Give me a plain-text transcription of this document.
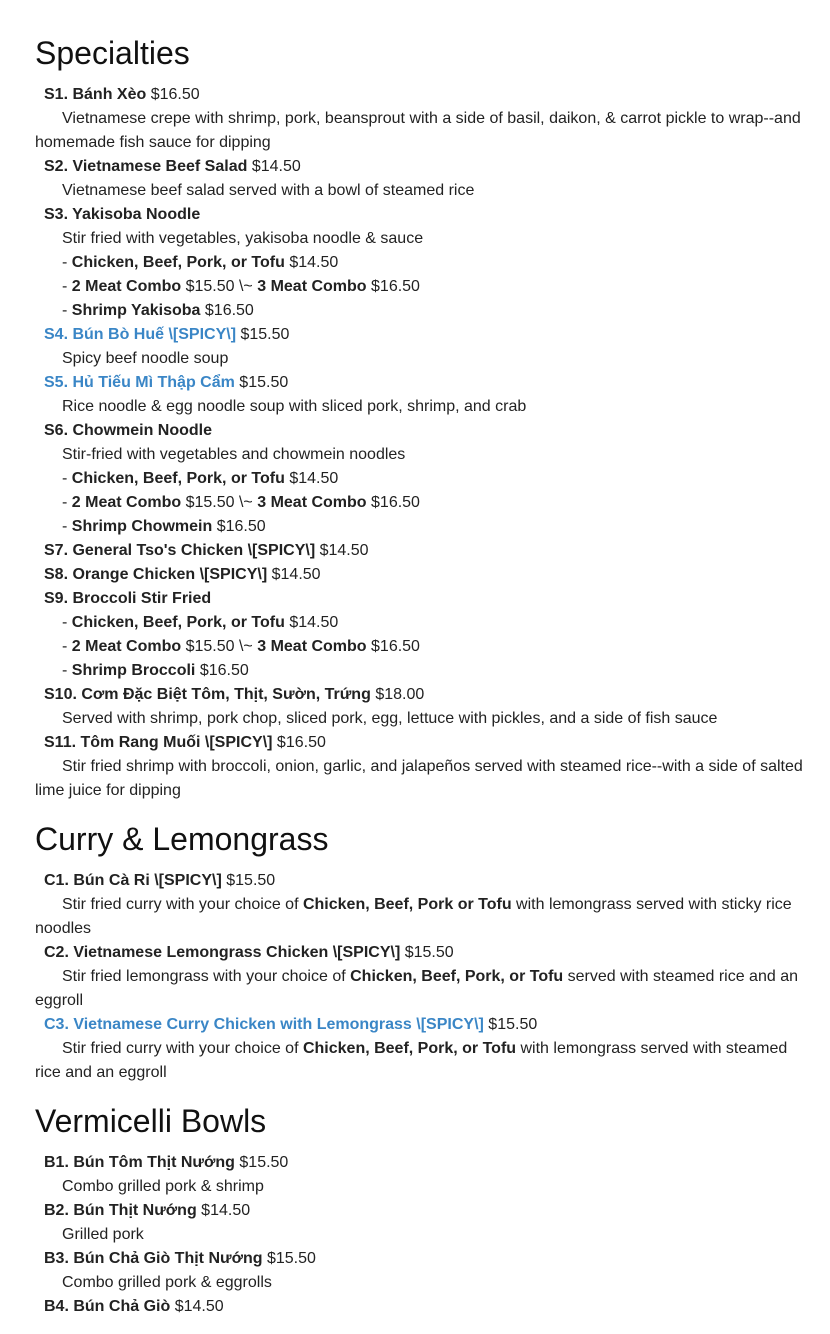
Specialties
S1. Bánh Xèo $16.50
Vietnamese crepe with shrimp, pork, beansprout with a side of basil, daikon, & carrot pickle to wrap--and homemade fish sauce for dipping
S2. Vietnamese Beef Salad $14.50
Vietnamese beef salad served with a bowl of steamed rice
S3. Yakisoba Noodle
Stir fried with vegetables, yakisoba noodle & sauce
- Chicken, Beef, Pork, or Tofu $14.50
- 2 Meat Combo $15.50 \~ 3 Meat Combo $16.50
- Shrimp Yakisoba $16.50
S4. Bún Bò Huế \[SPICY\] $15.50
Spicy beef noodle soup
S5. Hủ Tiếu Mì Thập Cẩm $15.50
Rice noodle & egg noodle soup with sliced pork, shrimp, and crab
S6. Chowmein Noodle
Stir-fried with vegetables and chowmein noodles
- Chicken, Beef, Pork, or Tofu $14.50
- 2 Meat Combo $15.50 \~ 3 Meat Combo $16.50
- Shrimp Chowmein $16.50
S7. General Tso's Chicken \[SPICY\] $14.50
S8. Orange Chicken \[SPICY\] $14.50
S9. Broccoli Stir Fried
- Chicken, Beef, Pork, or Tofu $14.50
- 2 Meat Combo $15.50 \~ 3 Meat Combo $16.50
- Shrimp Broccoli $16.50
S10. Cơm Đặc Biệt Tôm, Thịt, Sườn, Trứng $18.00
Served with shrimp, pork chop, sliced pork, egg, lettuce with pickles, and a side of fish sauce
S11. Tôm Rang Muối \[SPICY\] $16.50
Stir fried shrimp with broccoli, onion, garlic, and jalapeños served with steamed rice--with a side of salted lime juice for dipping
Curry & Lemongrass
C1. Bún Cà Ri \[SPICY\] $15.50
Stir fried curry with your choice of Chicken, Beef, Pork or Tofu with lemongrass served with sticky rice noodles
C2. Vietnamese Lemongrass Chicken \[SPICY\] $15.50
Stir fried lemongrass with your choice of Chicken, Beef, Pork, or Tofu served with steamed rice and an eggroll
C3. Vietnamese Curry Chicken with Lemongrass \[SPICY\] $15.50
Stir fried curry with your choice of Chicken, Beef, Pork, or Tofu with lemongrass served with steamed rice and an eggroll
Vermicelli Bowls
B1. Bún Tôm Thịt Nướng $15.50
Combo grilled pork & shrimp
B2. Bún Thịt Nướng $14.50
Grilled pork
B3. Bún Chả Giò Thịt Nướng $15.50
Combo grilled pork & eggrolls
B4. Bún Chả Giò $14.50
